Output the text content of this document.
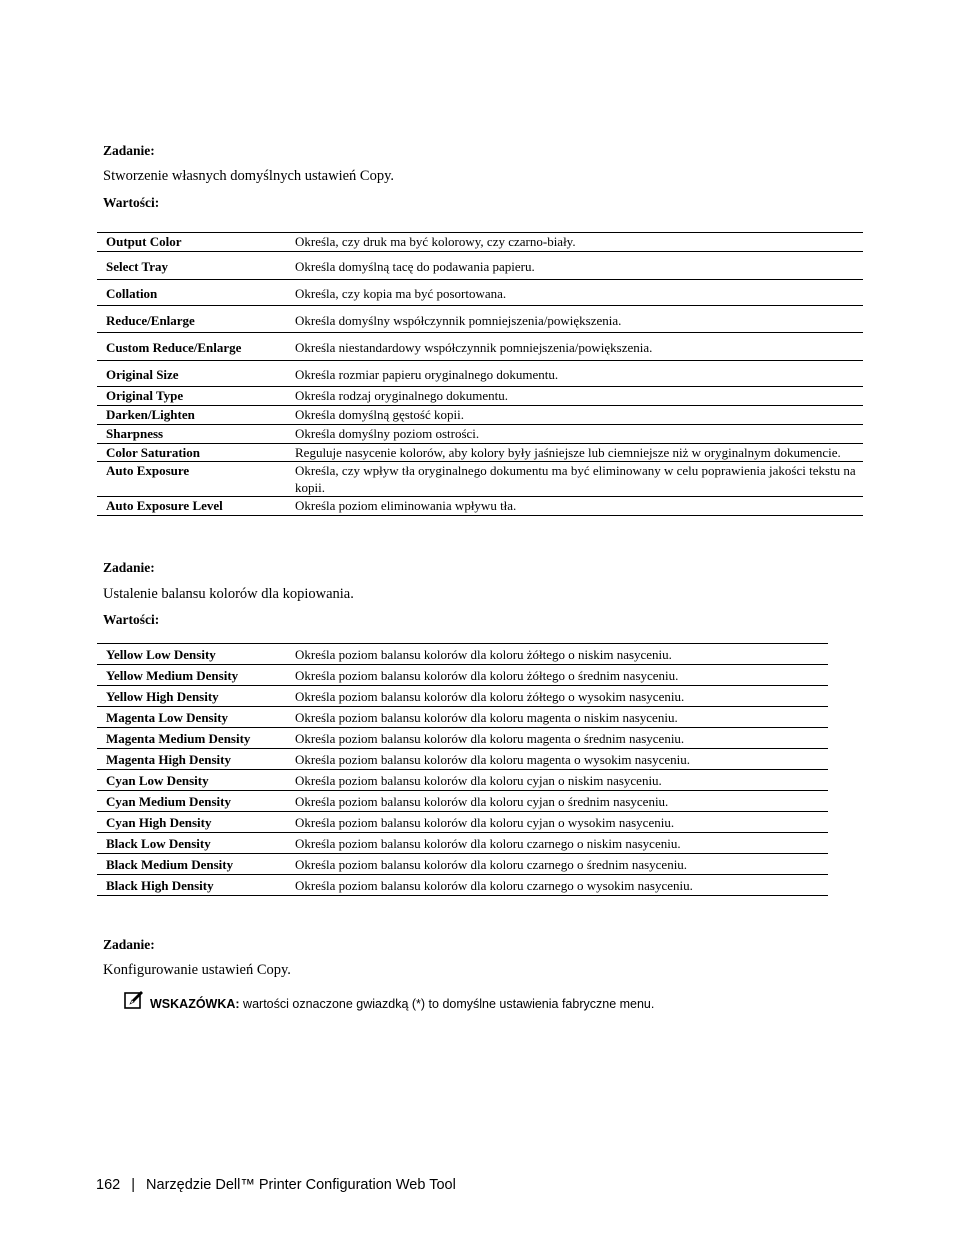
Zadanie:
Stworzenie własnych domyślnych ustawień Copy.
Wartości:
Output Color	Określa, czy druk ma być kolorowy, czy czarno-biały.
Select Tray	Określa domyślną tacę do podawania papieru.
Collation	Określa, czy kopia ma być posortowana.
Reduce/Enlarge	Określa domyślny współczynnik pomniejszenia/powiększenia.
Custom Reduce/Enlarge	Określa niestandardowy współczynnik pomniejszenia/powiększenia.
Original Size	Określa rozmiar papieru oryginalnego dokumentu.
Original Type	Określa rodzaj oryginalnego dokumentu.
Darken/Lighten	Określa domyślną gęstość kopii.
Sharpness	Określa domyślny poziom ostrości.
Color Saturation	Reguluje nasycenie kolorów, aby kolory były jaśniejsze lub ciemniejsze niż w oryginalnym dokumencie.
Auto Exposure	Określa, czy wpływ tła oryginalnego dokumentu ma być eliminowany w celu poprawienia jakości tekstu na kopii.
Auto Exposure Level	Określa poziom eliminowania wpływu tła.
Zadanie:
Ustalenie balansu kolorów dla kopiowania.
Wartości:
Yellow Low Density	Określa poziom balansu kolorów dla koloru żółtego o niskim nasyceniu.
Yellow Medium Density	Określa poziom balansu kolorów dla koloru żółtego o średnim nasyceniu.
Yellow High Density	Określa poziom balansu kolorów dla koloru żółtego o wysokim nasyceniu.
Magenta Low Density	Określa poziom balansu kolorów dla koloru magenta o niskim nasyceniu.
Magenta Medium Density	Określa poziom balansu kolorów dla koloru magenta o średnim nasyceniu.
Magenta High Density	Określa poziom balansu kolorów dla koloru magenta o wysokim nasyceniu.
Cyan Low Density	Określa poziom balansu kolorów dla koloru cyjan o niskim nasyceniu.
Cyan Medium Density	Określa poziom balansu kolorów dla koloru cyjan o średnim nasyceniu.
Cyan High Density	Określa poziom balansu kolorów dla koloru cyjan o wysokim nasyceniu.
Black Low Density	Określa poziom balansu kolorów dla koloru czarnego o niskim nasyceniu.
Black Medium Density	Określa poziom balansu kolorów dla koloru czarnego o średnim nasyceniu.
Black High Density	Określa poziom balansu kolorów dla koloru czarnego o wysokim nasyceniu.
Zadanie:
Konfigurowanie ustawień Copy.
WSKAZÓWKA: wartości oznaczone gwiazdką (*) to domyślne ustawienia fabryczne menu.
162 | Narzędzie Dell™ Printer Configuration Web Tool
